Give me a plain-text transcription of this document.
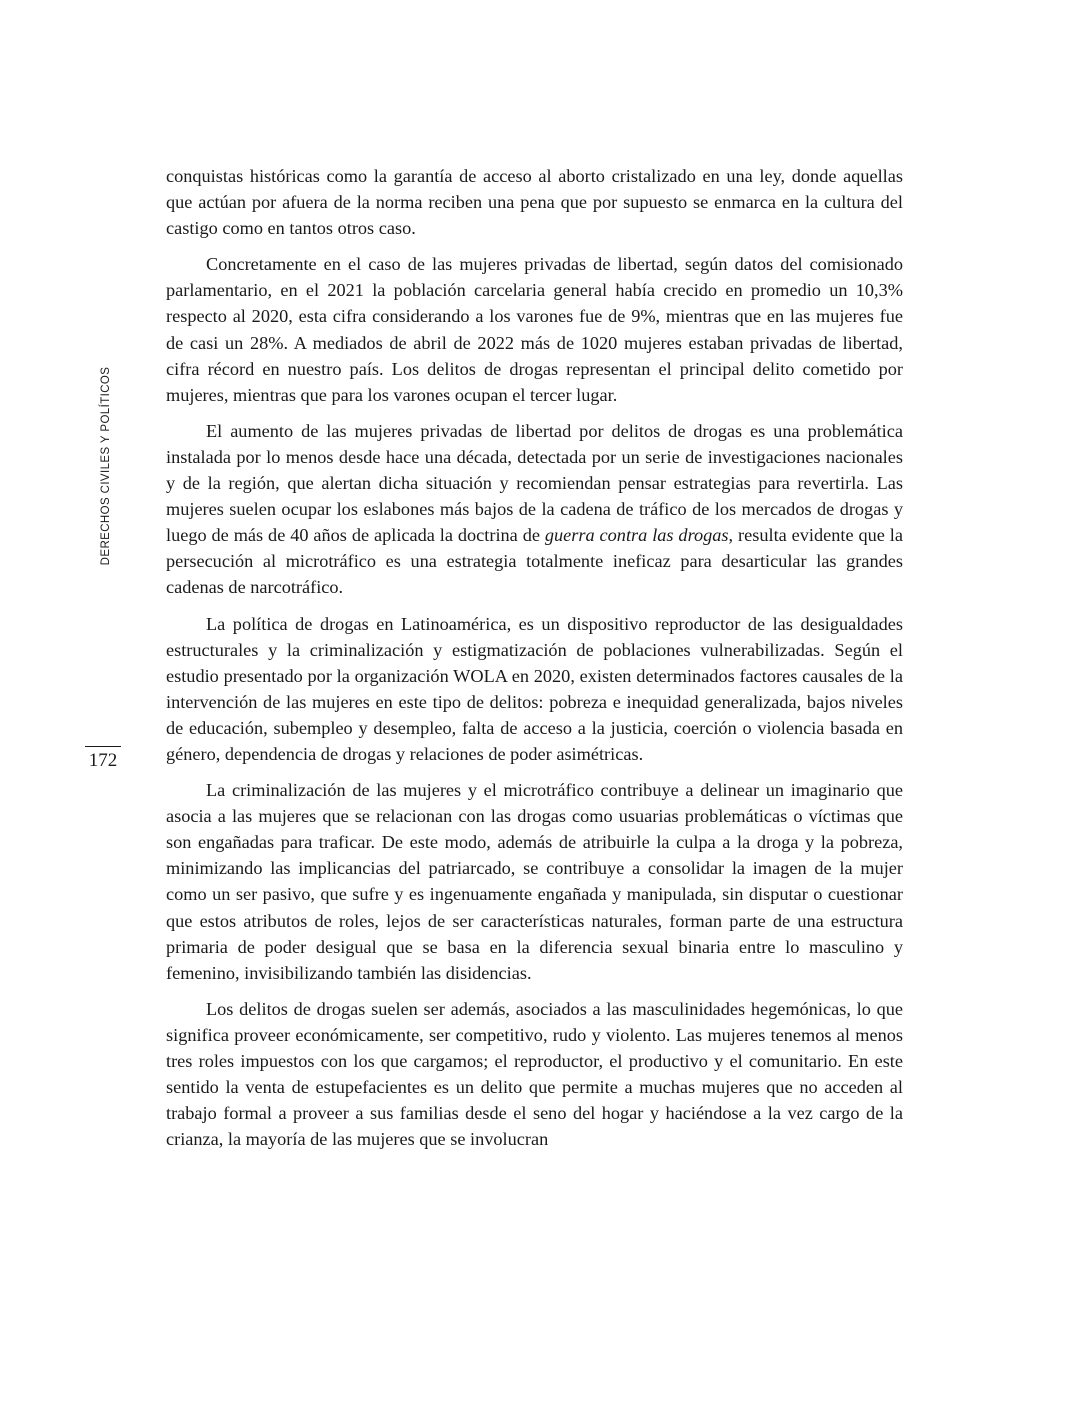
DERECHOS CIVILES Y POLÍTICOS
172

conquistas históricas como la garantía de acceso al aborto cristalizado en una ley, donde aquellas que actúan por afuera de la norma reciben una pena que por supuesto se enmarca en la cultura del castigo como en tantos otros caso.

Concretamente en el caso de las mujeres privadas de libertad, según datos del comisionado parlamentario, en el 2021 la población carcelaria general había crecido en promedio un 10,3% respecto al 2020, esta cifra considerando a los varones fue de 9%, mientras que en las mujeres fue de casi un 28%. A mediados de abril de 2022 más de 1020 mujeres estaban privadas de libertad, cifra récord en nuestro país. Los delitos de drogas representan el principal delito cometido por mujeres, mientras que para los varones ocupan el tercer lugar.

El aumento de las mujeres privadas de libertad por delitos de drogas es una problemática instalada por lo menos desde hace una década, detectada por un serie de investigaciones nacionales y de la región, que alertan dicha situación y recomiendan pensar estrategias para revertirla. Las mujeres suelen ocupar los eslabones más bajos de la cadena de tráfico de los mercados de drogas y luego de más de 40 años de aplicada la doctrina de guerra contra las drogas, resulta evidente que la persecución al microtráfico es una estrategia totalmente ineficaz para desarticular las grandes cadenas de narcotráfico.

La política de drogas en Latinoamérica, es un dispositivo reproductor de las desigualdades estructurales y la criminalización y estigmatización de poblaciones vulnerabilizadas. Según el estudio presentado por la organización WOLA en 2020, existen determinados factores causales de la intervención de las mujeres en este tipo de delitos: pobreza e inequidad generalizada, bajos niveles de educación, subempleo y desempleo, falta de acceso a la justicia, coerción o violencia basada en género, dependencia de drogas y relaciones de poder asimétricas.

La criminalización de las mujeres y el microtráfico contribuye a delinear un imaginario que asocia a las mujeres que se relacionan con las drogas como usuarias problemáticas o víctimas que son engañadas para traficar. De este modo, además de atribuirle la culpa a la droga y la pobreza, minimizando las implicancias del patriarcado, se contribuye a consolidar la imagen de la mujer como un ser pasivo, que sufre y es ingenuamente engañada y manipulada, sin disputar o cuestionar que estos atributos de roles, lejos de ser características naturales, forman parte de una estructura primaria de poder desigual que se basa en la diferencia sexual binaria entre lo masculino y femenino, invisibilizando también las disidencias.

Los delitos de drogas suelen ser además, asociados a las masculinidades hegemónicas, lo que significa proveer económicamente, ser competitivo, rudo y violento. Las mujeres tenemos al menos tres roles impuestos con los que cargamos; el reproductor, el productivo y el comunitario. En este sentido la venta de estupefacientes es un delito que permite a muchas mujeres que no acceden al trabajo formal a proveer a sus familias desde el seno del hogar y haciéndose a la vez cargo de la crianza, la mayoría de las mujeres que se involucran
